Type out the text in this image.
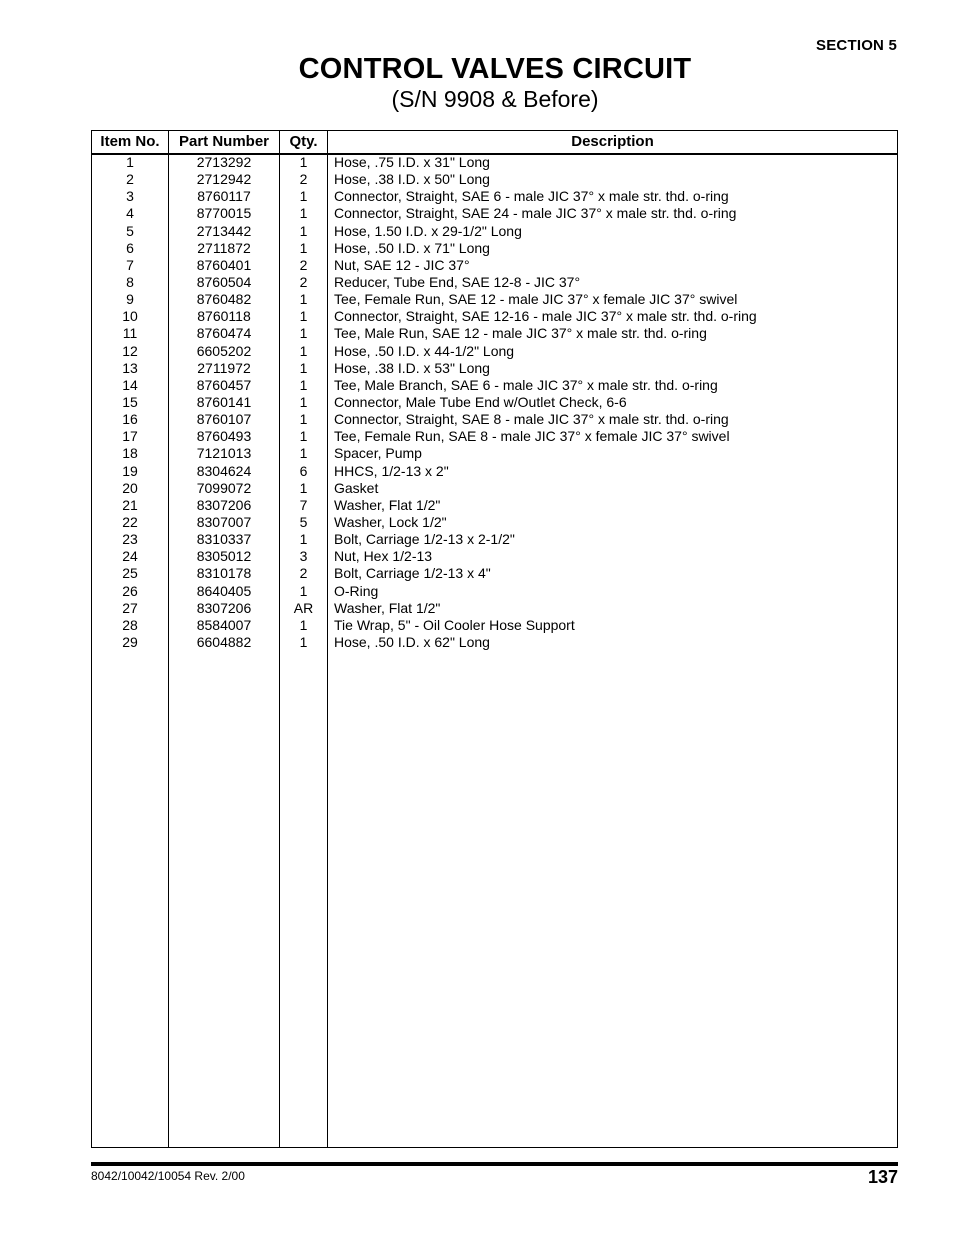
SECTION 5
CONTROL VALVES CIRCUIT
(S/N 9908 & Before)
Item No.	Part Number	Qty.	Description
1	2713292	1	Hose, .75 I.D. x 31" Long
2	2712942	2	Hose, .38 I.D. x 50" Long
3	8760117	1	Connector, Straight, SAE 6 - male JIC 37° x male str. thd. o-ring
4	8770015	1	Connector, Straight, SAE 24 - male JIC 37° x male str. thd. o-ring
5	2713442	1	Hose, 1.50 I.D. x 29-1/2" Long
6	2711872	1	Hose, .50 I.D. x 71" Long
7	8760401	2	Nut, SAE 12 - JIC 37°
8	8760504	2	Reducer, Tube End, SAE 12-8 - JIC 37°
9	8760482	1	Tee, Female Run, SAE 12 - male JIC 37° x female JIC 37° swivel
10	8760118	1	Connector, Straight, SAE 12-16 - male JIC 37° x male str. thd. o-ring
11	8760474	1	Tee, Male Run, SAE 12 - male JIC 37° x male str. thd. o-ring
12	6605202	1	Hose, .50 I.D. x 44-1/2" Long
13	2711972	1	Hose, .38 I.D. x 53" Long
14	8760457	1	Tee, Male Branch, SAE 6 - male JIC 37° x male str. thd. o-ring
15	8760141	1	Connector, Male Tube End w/Outlet Check, 6-6
16	8760107	1	Connector, Straight, SAE 8 - male JIC 37° x male str. thd. o-ring
17	8760493	1	Tee, Female Run, SAE 8 - male JIC 37° x female JIC 37° swivel
18	7121013	1	Spacer, Pump
19	8304624	6	HHCS, 1/2-13 x 2"
20	7099072	1	Gasket
21	8307206	7	Washer, Flat 1/2"
22	8307007	5	Washer, Lock 1/2"
23	8310337	1	Bolt, Carriage 1/2-13 x 2-1/2"
24	8305012	3	Nut, Hex 1/2-13
25	8310178	2	Bolt, Carriage 1/2-13 x 4"
26	8640405	1	O-Ring
27	8307206	AR	Washer, Flat 1/2"
28	8584007	1	Tie Wrap, 5" - Oil Cooler Hose Support
29	6604882	1	Hose, .50 I.D. x 62" Long
8042/10042/10054 Rev. 2/00	137
